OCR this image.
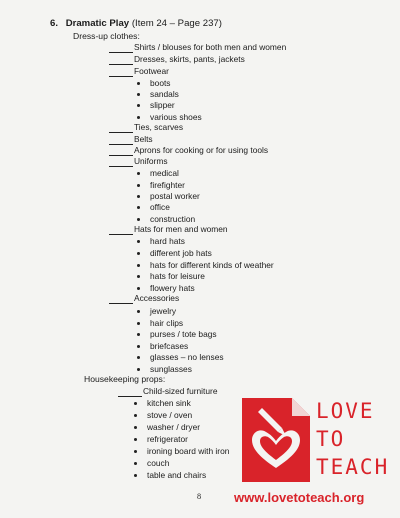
6. Dramatic Play (Item 24 – Page 237)
Dress-up clothes:
Shirts / blouses for both men and women
Dresses, skirts, pants, jackets
Footwear
boots
sandals
slipper
various shoes
Ties, scarves
Belts
Aprons for cooking or for using tools
Uniforms
medical
firefighter
postal worker
office
construction
Hats for men and women
hard hats
different job hats
hats for different kinds of weather
hats for leisure
flowery hats
Accessories
jewelry
hair clips
purses / tote bags
briefcases
glasses – no lenses
sunglasses
Housekeeping props:
Child-sized furniture
kitchen sink
stove / oven
washer / dryer
refrigerator
ironing board with iron
couch
table and chairs
8
LOVE
TO
TEACH
www.lovetoteach.org
